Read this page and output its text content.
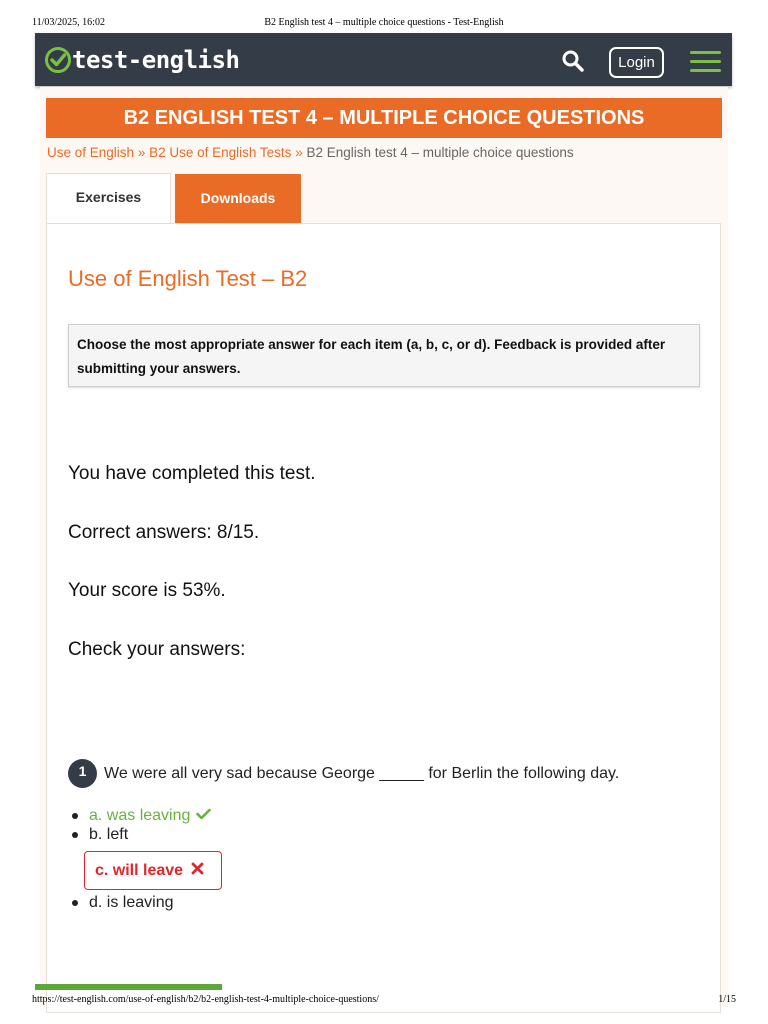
11/03/2025, 16:02	B2 English test 4 – multiple choice questions - Test-English
test-english	Login
B2 ENGLISH TEST 4 – MULTIPLE CHOICE QUESTIONS
Use of English » B2 Use of English Tests » B2 English test 4 – multiple choice questions
Exercises	Downloads
Use of English Test – B2
Choose the most appropriate answer for each item (a, b, c, or d). Feedback is provided after submitting your answers.
You have completed this test.
Correct answers: 8/15.
Your score is 53%.
Check your answers:
1	We were all very sad because George _____ for Berlin the following day.
a. was leaving
b. left
c. will leave
d. is leaving
https://test-english.com/use-of-english/b2/b2-english-test-4-multiple-choice-questions/	1/15
